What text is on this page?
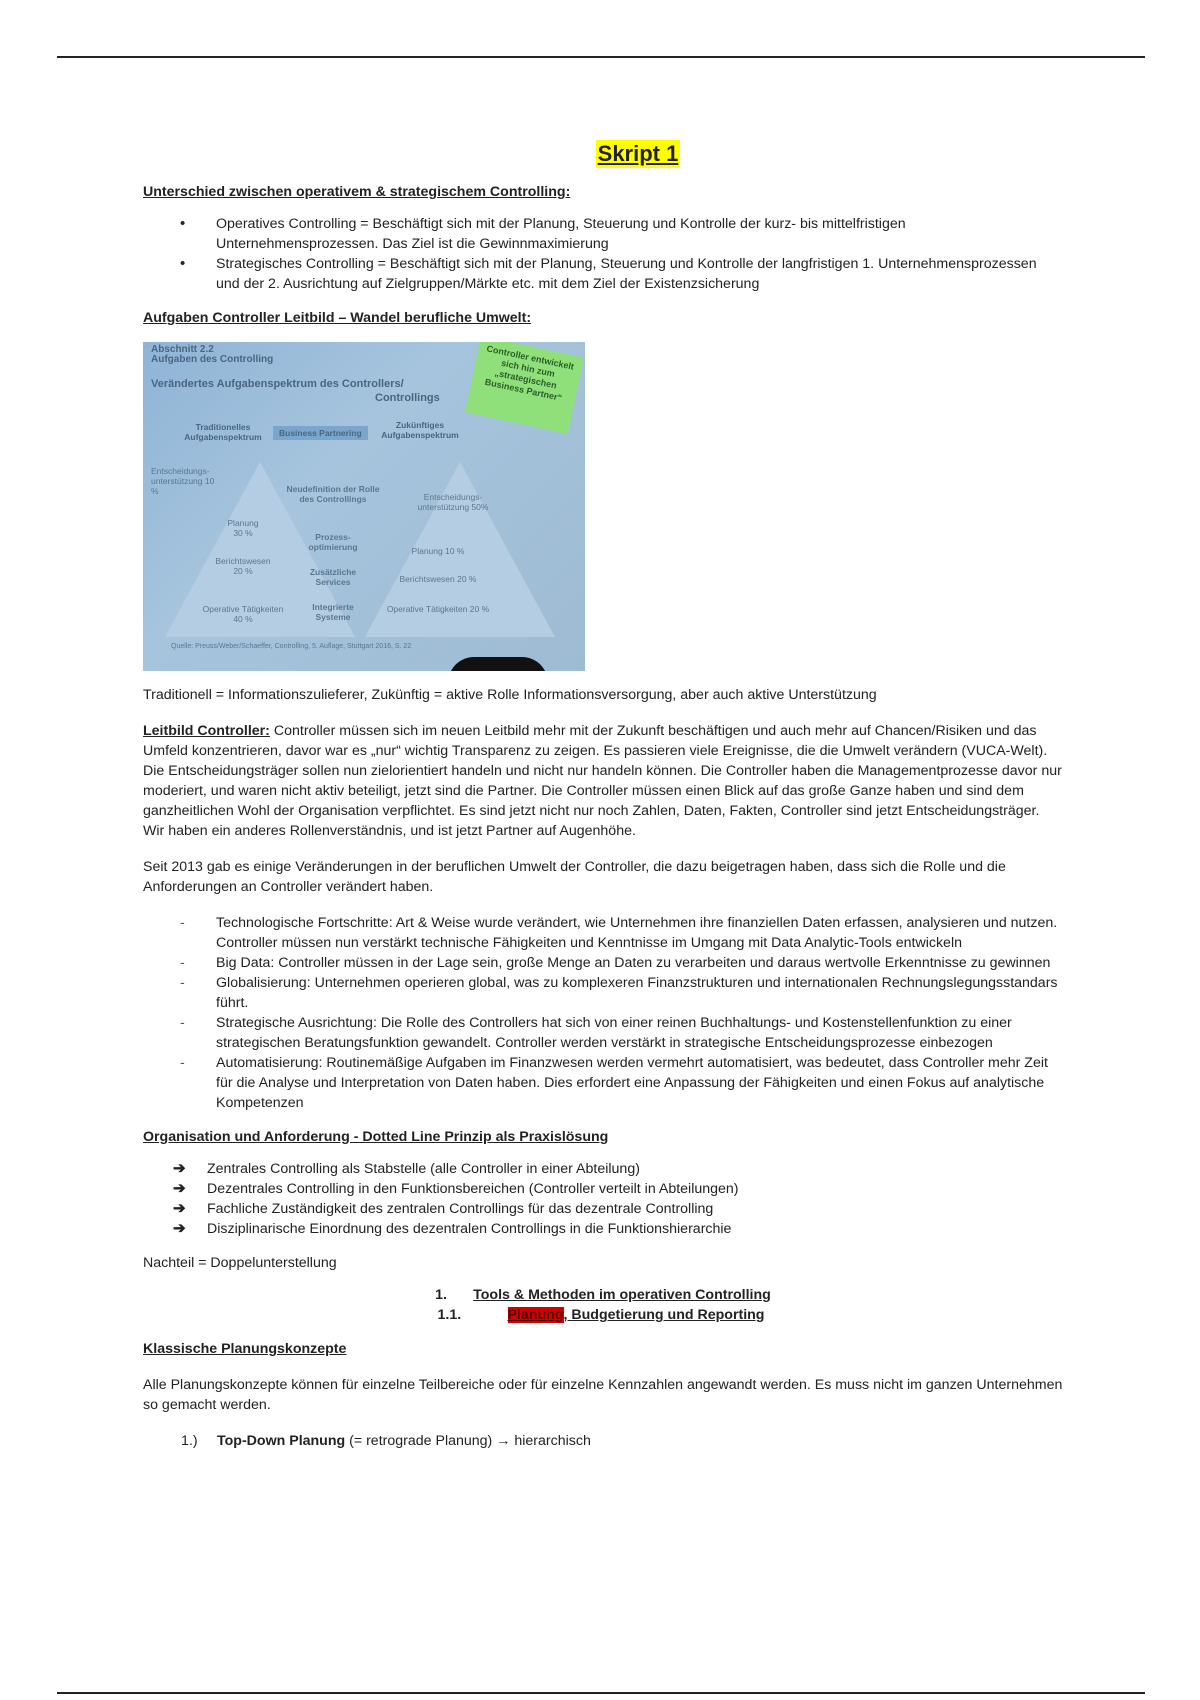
Skript 1

Unterschied zwischen operativem & strategischem Controlling:

• Operatives Controlling = Beschäftigt sich mit der Planung, Steuerung und Kontrolle der kurz- bis mittelfristigen Unternehmensprozessen. Das Ziel ist die Gewinnmaximierung
• Strategisches Controlling = Beschäftigt sich mit der Planung, Steuerung und Kontrolle der langfristigen 1. Unternehmensprozessen und der 2. Ausrichtung auf Zielgruppen/Märkte etc. mit dem Ziel der Existenzsicherung

Aufgaben Controller Leitbild – Wandel berufliche Umwelt:

Abschnitt 2.2
Aufgaben des Controlling
Verändertes Aufgabenspektrum des Controllers/
Controllings
Controller entwickelt sich hin zum „strategischen Business Partner“
Traditionelles Aufgabenspektrum	Business Partnering
Zukünftiges Aufgabenspektrum
Entscheidungs-unterstützung 10 %
Planung 30 %
Berichtswesen 20 %
Operative Tätigkeiten 40 %
Neudefinition der Rolle des Controllings
Prozess-optimierung
Zusätzliche Services
Integrierte Systeme
Entscheidungs-unterstützung 50%
Planung 10 %
Berichtswesen 20 %
Operative Tätigkeiten 20 %
Quelle: Preuss/Weber/Schaeffer, Controlling, 5. Auflage, Stuttgart 2016, S. 22

Traditionell = Informationszulieferer, Zukünftig = aktive Rolle Informationsversorgung, aber auch aktive Unterstützung

Leitbild Controller: Controller müssen sich im neuen Leitbild mehr mit der Zukunft beschäftigen und auch mehr auf Chancen/Risiken und das Umfeld konzentrieren, davor war es „nur“ wichtig Transparenz zu zeigen. Es passieren viele Ereignisse, die die Umwelt verändern (VUCA-Welt). Die Entscheidungsträger sollen nun zielorientiert handeln und nicht nur handeln können. Die Controller haben die Managementprozesse davor nur moderiert, und waren nicht aktiv beteiligt, jetzt sind die Partner. Die Controller müssen einen Blick auf das große Ganze haben und sind dem ganzheitlichen Wohl der Organisation verpflichtet. Es sind jetzt nicht nur noch Zahlen, Daten, Fakten, Controller sind jetzt Entscheidungsträger. Wir haben ein anderes Rollenverständnis, und ist jetzt Partner auf Augenhöhe.

Seit 2013 gab es einige Veränderungen in der beruflichen Umwelt der Controller, die dazu beigetragen haben, dass sich die Rolle und die Anforderungen an Controller verändert haben.

- Technologische Fortschritte: Art & Weise wurde verändert, wie Unternehmen ihre finanziellen Daten erfassen, analysieren und nutzen. Controller müssen nun verstärkt technische Fähigkeiten und Kenntnisse im Umgang mit Data Analytic-Tools entwickeln
- Big Data: Controller müssen in der Lage sein, große Menge an Daten zu verarbeiten und daraus wertvolle Erkenntnisse zu gewinnen
- Globalisierung: Unternehmen operieren global, was zu komplexeren Finanzstrukturen und internationalen Rechnungslegungsstandars führt.
- Strategische Ausrichtung: Die Rolle des Controllers hat sich von einer reinen Buchhaltungs- und Kostenstellenfunktion zu einer strategischen Beratungsfunktion gewandelt. Controller werden verstärkt in strategische Entscheidungsprozesse einbezogen
- Automatisierung: Routinemäßige Aufgaben im Finanzwesen werden vermehrt automatisiert, was bedeutet, dass Controller mehr Zeit für die Analyse und Interpretation von Daten haben. Dies erfordert eine Anpassung der Fähigkeiten und einen Fokus auf analytische Kompetenzen

Organisation und Anforderung - Dotted Line Prinzip als Praxislösung

➔ Zentrales Controlling als Stabstelle (alle Controller in einer Abteilung)
➔ Dezentrales Controlling in den Funktionsbereichen (Controller verteilt in Abteilungen)
➔ Fachliche Zuständigkeit des zentralen Controllings für das dezentrale Controlling
➔ Disziplinarische Einordnung des dezentralen Controllings in die Funktionshierarchie

Nachteil = Doppelunterstellung

1. Tools & Methoden im operativen Controlling

1.1.	Planung, Budgetierung und Reporting

Klassische Planungskonzepte

Alle Planungskonzepte können für einzelne Teilbereiche oder für einzelne Kennzahlen angewandt werden. Es muss nicht im ganzen Unternehmen so gemacht werden.

1.) Top-Down Planung (= retrograde Planung) → hierarchisch
